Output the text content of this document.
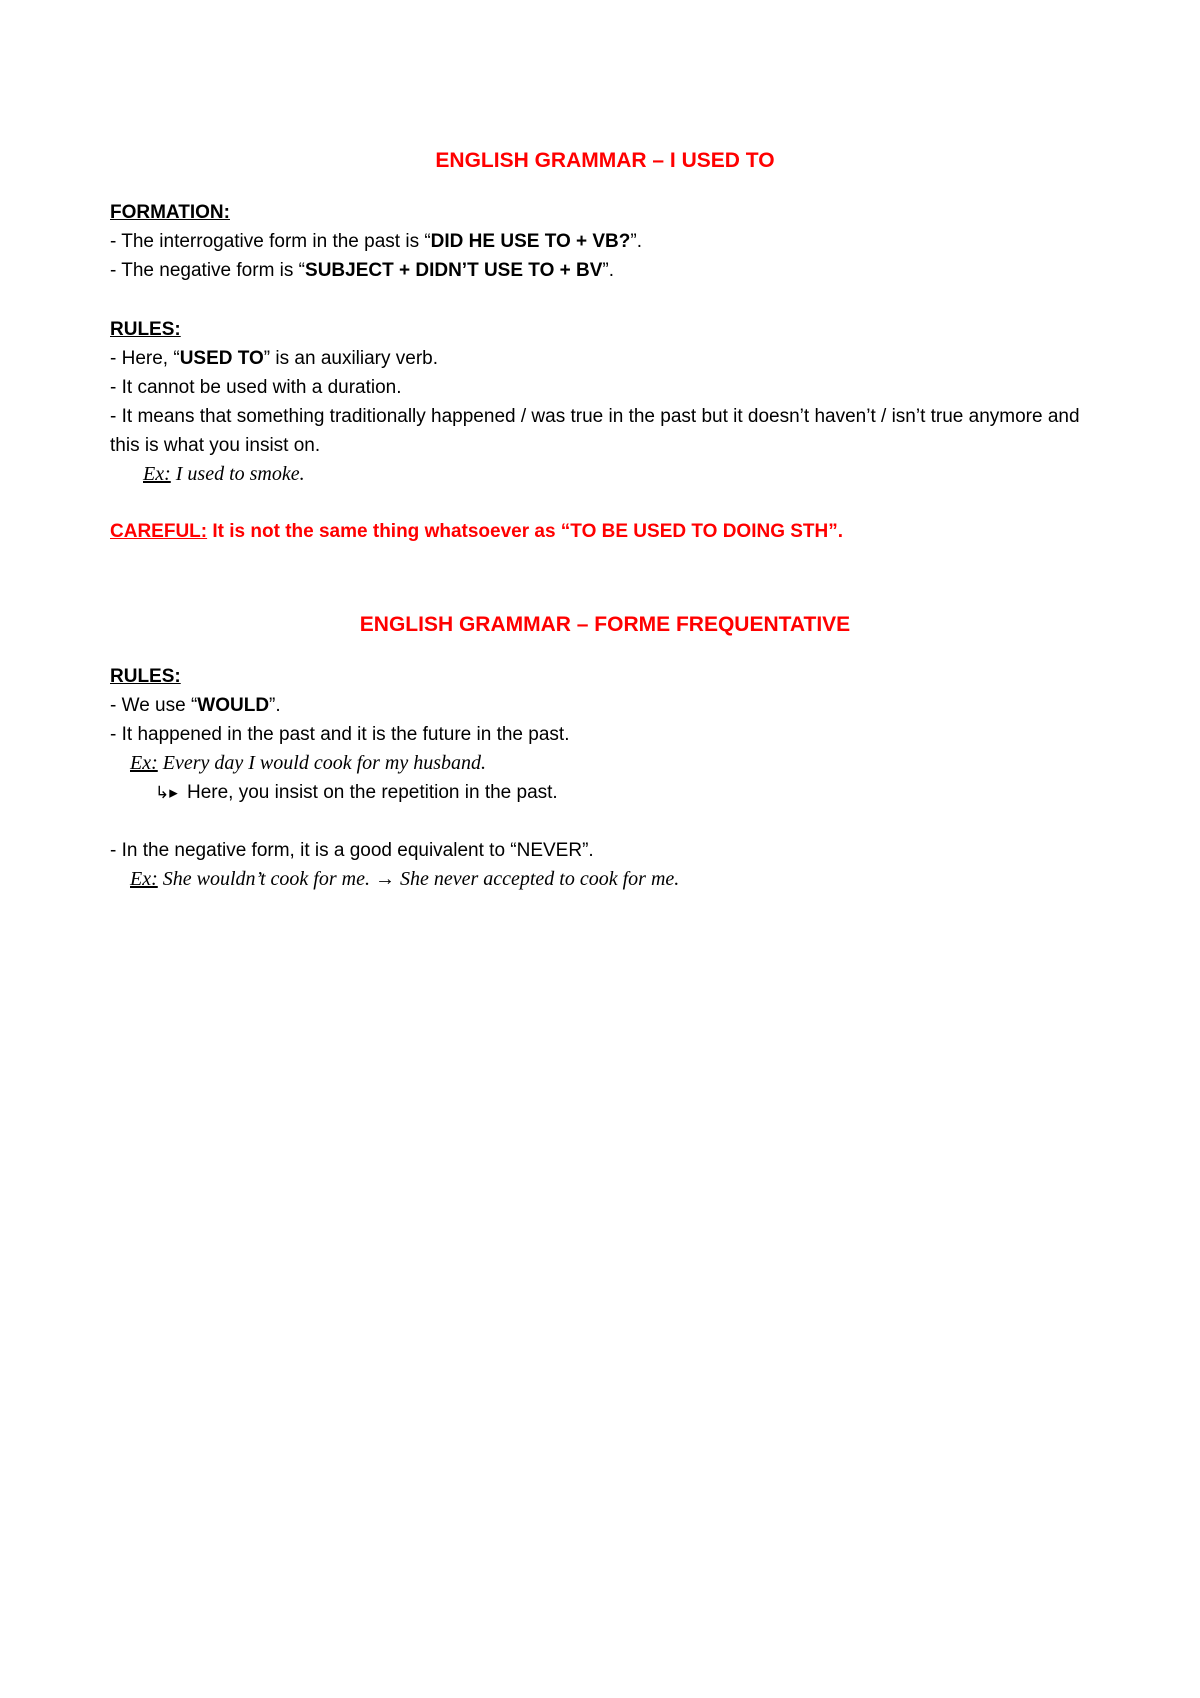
ENGLISH GRAMMAR – I USED TO

FORMATION:

- The interrogative form in the past is “DID HE USE TO + VB?”.

- The negative form is “SUBJECT + DIDN’T USE TO + BV”.

RULES:

- Here, “USED TO” is an auxiliary verb.

- It cannot be used with a duration.

- It means that something traditionally happened / was true in the past but it doesn’t haven’t / isn’t true anymore and this is what you insist on.

Ex: I used to smoke.

CAREFUL: It is not the same thing whatsoever as “TO BE USED TO DOING STH”.

ENGLISH GRAMMAR – FORME FREQUENTATIVE

RULES:

- We use “WOULD”.

- It happened in the past and it is the future in the past.

Ex: Every day I would cook for my husband.

↳▸ Here, you insist on the repetition in the past.

- In the negative form, it is a good equivalent to “NEVER”.

Ex: She wouldn’t cook for me. → She never accepted to cook for me.
